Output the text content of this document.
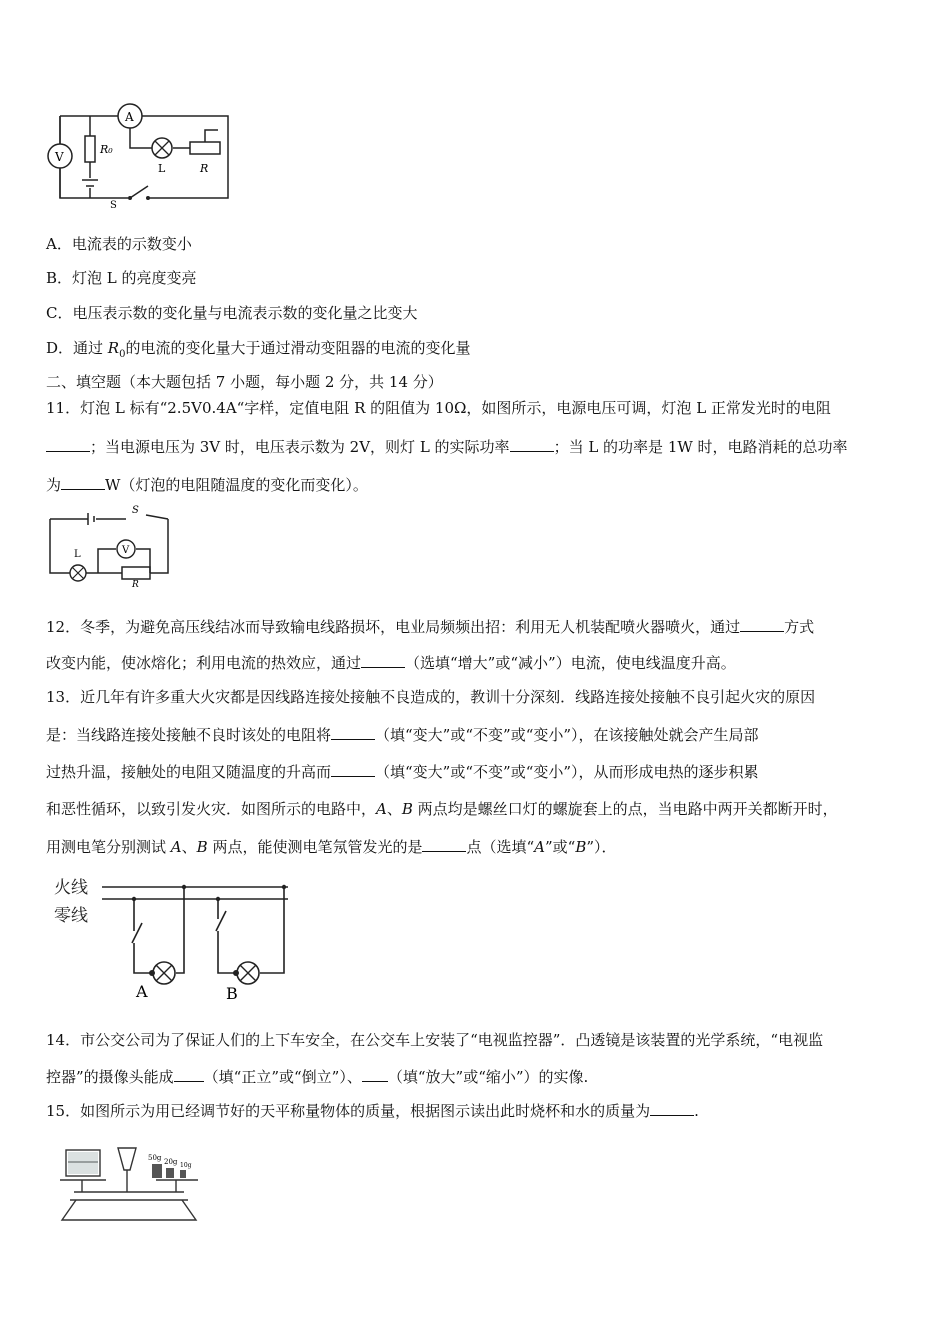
A
V
R₀
L	R
S
A．电流表的示数变小
B．灯泡 L 的亮度变亮
C．电压表示数的变化量与电流表示数的变化量之比变大
D．通过 $R_0$的电流的变化量大于通过滑动变阻器的电流的变化量
二、填空题（本大题包括 7 小题，每小题 2 分，共 14 分）
11．灯泡 L 标有“2.5V0.4A“字样，定值电阻 R 的阻值为 10Ω，如图所示，电源电压可调，灯泡 L 正常发光时的电阻
；当电源电压为 3V 时，电压表示数为 2V，则灯 L 的实际功率	；当 L 的功率是 1W 时，电路消耗的总功率
为	W（灯泡的电阻随温度的变化而变化）。
V
L
S
R
12．冬季，为避免高压线结冰而导致输电线路损坏，电业局频频出招：利用无人机装配喷火器喷火，通过	方式
改变内能，使冰熔化；利用电流的热效应，通过	（选填“增大”或“减小”）电流，使电线温度升高。
13．近几年有许多重大火灾都是因线路连接处接触不良造成的，教训十分深刻．线路连接处接触不良引起火灾的原因
是：当线路连接处接触不良时该处的电阻将	（填“变大”或“不变”或“变小”），在该接触处就会产生局部
过热升温，接触处的电阻又随温度的升高而	（填“变大”或“不变”或“变小”），从而形成电热的逐步积累
和恶性循环，以致引发火灾．如图所示的电路中，A、B 两点均是螺丝口灯的螺旋套上的点，当电路中两开关都断开时，
用测电笔分别测试 A、B 两点，能使测电笔氖管发光的是	点（选填“A”或“B”）．
火线
零线
A	B
14．市公交公司为了保证人们的上下车安全，在公交车上安装了“电视监控器”．凸透镜是该装置的光学系统，“电视监
控器”的摄像头能成 （填“正立”或“倒立”）、 （填“放大”或“缩小”）的实像.
15．如图所示为用已经调节好的天平称量物体的质量，根据图示读出此时烧杯和水的质量为	.
50g 20g 10g
